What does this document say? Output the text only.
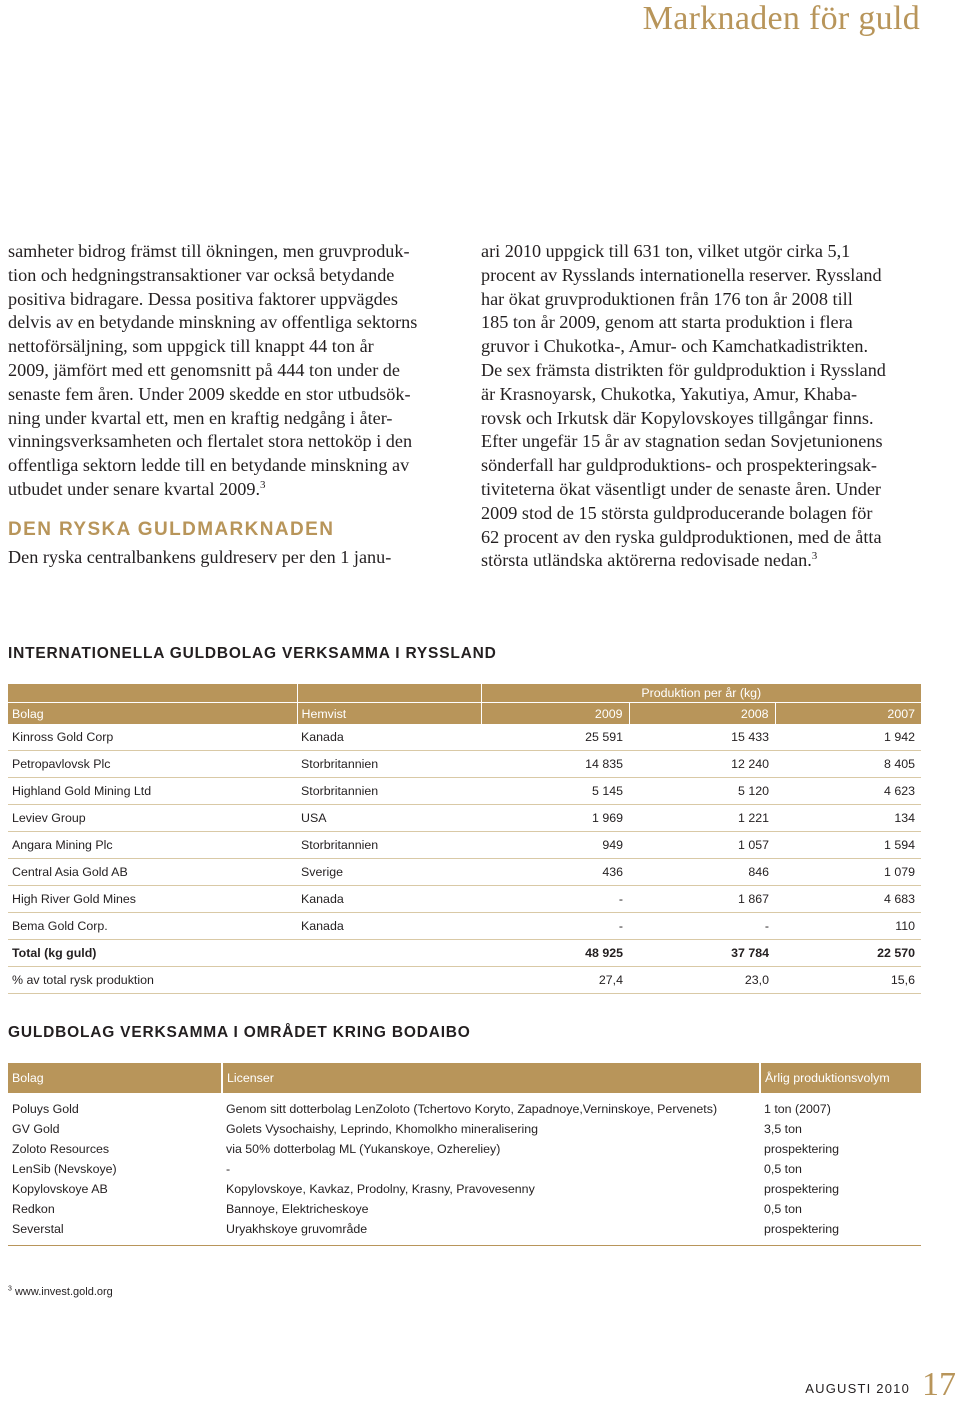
Marknaden för guld

samheter bidrog främst till ökningen, men gruvproduk-
tion och hedgningstransaktioner var också betydande
positiva bidragare. Dessa positiva faktorer uppvägdes
delvis av en betydande minskning av offentliga sektorns
nettoförsäljning, som uppgick till knappt 44 ton år
2009, jämfört med ett genomsnitt på 444 ton under de
senaste fem åren. Under 2009 skedde en stor utbudsök-
ning under kvartal ett, men en kraftig nedgång i åter-
vinningsverksamheten och flertalet stora nettoköp i den
offentliga sektorn ledde till en betydande minskning av
utbudet under senare kvartal 2009.$^3$

DEN RYSKA GULDMARKNADEN

Den ryska centralbankens guldreserv per den 1 janu-

ari 2010 uppgick till 631 ton, vilket utgör cirka 5,1
procent av Rysslands internationella reserver. Ryssland
har ökat gruvproduktionen från 176 ton år 2008 till
185 ton år 2009, genom att starta produktion i flera
gruvor i Chukotka-, Amur- och Kamchatkadistrikten.
De sex främsta distrikten för guldproduktion i Ryssland
är Krasnoyarsk, Chukotka, Yakutiya, Amur, Khaba-
rovsk och Irkutsk där Kopylovskoyes tillgångar finns.
Efter ungefär 15 år av stagnation sedan Sovjetunionens
sönderfall har guldproduktions- och prospekteringsak-
tiviteterna ökat väsentligt under de senaste åren. Under
2009 stod de 15 största guldproducerande bolagen för
62 procent av den ryska guldproduktionen, med de åtta
största utländska aktörerna redovisade nedan.$^3$

INTERNATIONELLA GULDBOLAG VERKSAMMA I RYSSLAND
		Produktion per år (kg)		
Bolag	Hemvist	2009	2008	2007
Kinross Gold Corp	Kanada	25 591	15 433	1 942
Petropavlovsk Plc	Storbritannien	14 835	12 240	8 405
Highland Gold Mining Ltd	Storbritannien	5 145	5 120	4 623
Leviev Group	USA	1 969	1 221	134
Angara Mining Plc	Storbritannien	949	1 057	1 594
Central Asia Gold AB	Sverige	436	846	1 079
High River Gold Mines	Kanada	-	1 867	4 683
Bema Gold Corp.	Kanada	-	-	110
Total (kg guld)		48 925	37 784	22 570
% av total rysk produktion		27,4	23,0	15,6
GULDBOLAG VERKSAMMA I OMRÅDET KRING BODAIBO
Bolag	Licenser	Årlig produktionsvolym
Poluys Gold	Genom sitt dotterbolag LenZoloto (Tchertovo Koryto, Zapadnoye,Verninskoye, Pervenets)	1 ton (2007)
GV Gold	Golets Vysochaishy, Leprindo, Khomolkho mineralisering	3,5 ton
Zoloto Resources	via 50% dotterbolag ML (Yukanskoye, Ozhereliey)	prospektering
LenSib (Nevskoye)	-	0,5 ton
Kopylovskoye AB	Kopylovskoye, Kavkaz, Prodolny, Krasny, Pravovesenny	prospektering
Redkon	Bannoye, Elektricheskoye	0,5 ton
Severstal	Uryakhskoye gruvområde	prospektering
$^3$ www.invest.gold.org
AUGUSTI 2010 17
